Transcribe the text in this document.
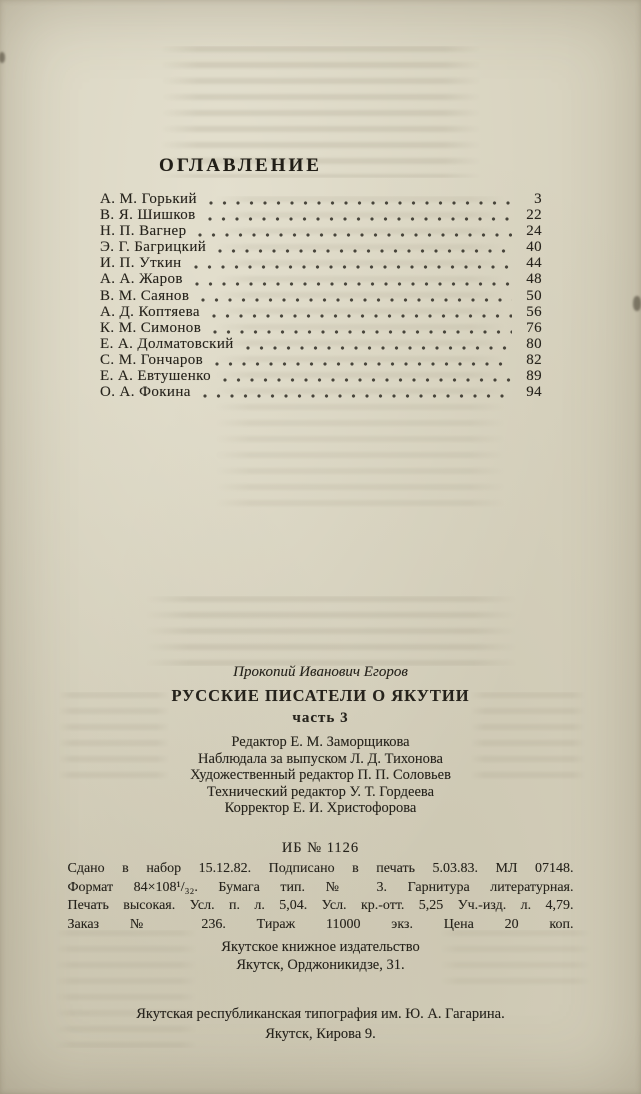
ОГЛАВЛЕНИЕ
А. М. Горький	3
В. Я. Шишков	22
Н. П. Вагнер	24
Э. Г. Багрицкий	40
И. П. Уткин	44
А. А. Жаров	48
В. М. Саянов	50
А. Д. Коптяева	56
К. М. Симонов	76
Е. А. Долматовский	80
С. М. Гончаров	82
Е. А. Евтушенко	89
О. А. Фокина	94
Прокопий Иванович Егоров
РУССКИЕ ПИСАТЕЛИ О ЯКУТИИ
часть 3
Редактор Е. М. Заморщикова
Наблюдала за выпуском Л. Д. Тихонова
Художественный редактор П. П. Соловьев
Технический редактор У. Т. Гордеева
Корректор Е. И. Христофорова
ИБ № 1126
Сдано в набор 15.12.82. Подписано в печать 5.03.83. МЛ 07148.
Формат 84×108¹/₃₂. Бумага тип. № 3. Гарнитура литературная.
Печать высокая. Усл. п. л. 5,04. Усл. кр.-отт. 5,25 Уч.-изд. л. 4,79.
Заказ № 236. Тираж 11000 экз. Цена 20 коп.
Якутское книжное издательство
Якутск, Орджоникидзе, 31.
Якутская республиканская типография им. Ю. А. Гагарина.
Якутск, Кирова 9.
